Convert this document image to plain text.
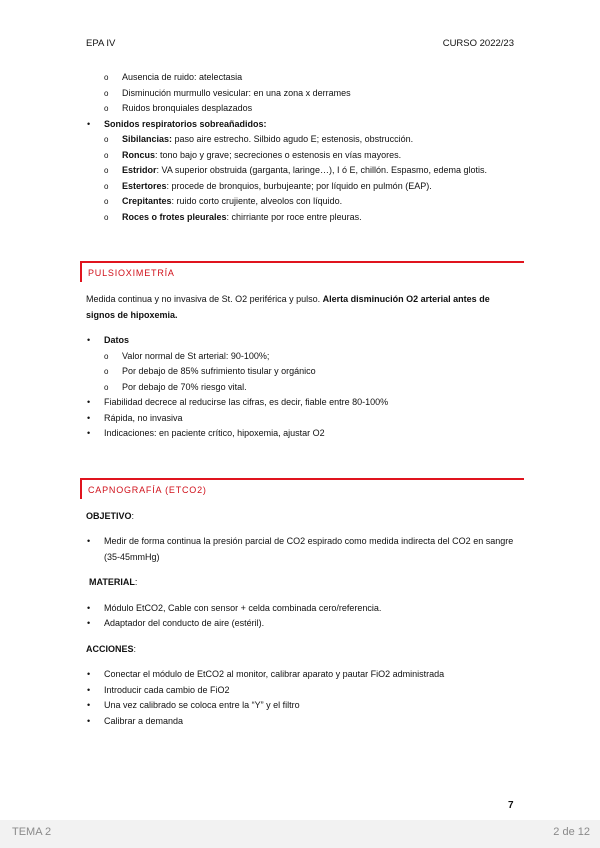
EPA IV	CURSO 2022/23
o Ausencia de ruido: atelectasia
o Disminución murmullo vesicular: en una zona x derrames
o Ruidos bronquiales desplazados
• Sonidos respiratorios sobreañadidos:
o Sibilancias: paso aire estrecho. Silbido agudo E; estenosis, obstrucción.
o Roncus: tono bajo y grave; secreciones o estenosis en vías mayores.
o Estridor: VA superior obstruida (garganta, laringe…), I ó E, chillón. Espasmo, edema glotis.
o Estertores: procede de bronquios, burbujeante; por líquido en pulmón (EAP).
o Crepitantes: ruido corto crujiente, alveolos con líquido.
o Roces o frotes pleurales: chirriante por roce entre pleuras.
PULSIOXIMETRÍA
Medida continua y no invasiva de St. O2 periférica y pulso. Alerta disminución O2 arterial antes de signos de hipoxemia.
• Datos
o Valor normal de St arterial: 90-100%;
o Por debajo de 85% sufrimiento tisular y orgánico
o Por debajo de 70% riesgo vital.
• Fiabilidad decrece al reducirse las cifras, es decir, fiable entre 80-100%
• Rápida, no invasiva
• Indicaciones: en paciente crítico, hipoxemia, ajustar O2
CAPNOGRAFÍA (ETCO2)
OBJETIVO:
• Medir de forma continua la presión parcial de CO2 espirado como medida indirecta del CO2 en sangre (35-45mmHg)
MATERIAL:
• Módulo EtCO2, Cable con sensor + celda combinada cero/referencia.
• Adaptador del conducto de aire (estéril).
ACCIONES:
• Conectar el módulo de EtCO2 al monitor, calibrar aparato y pautar FiO2 administrada
• Introducir cada cambio de FiO2
• Una vez calibrado se coloca entre la “Y” y el filtro
• Calibrar a demanda
7
TEMA 2	2 de 12
